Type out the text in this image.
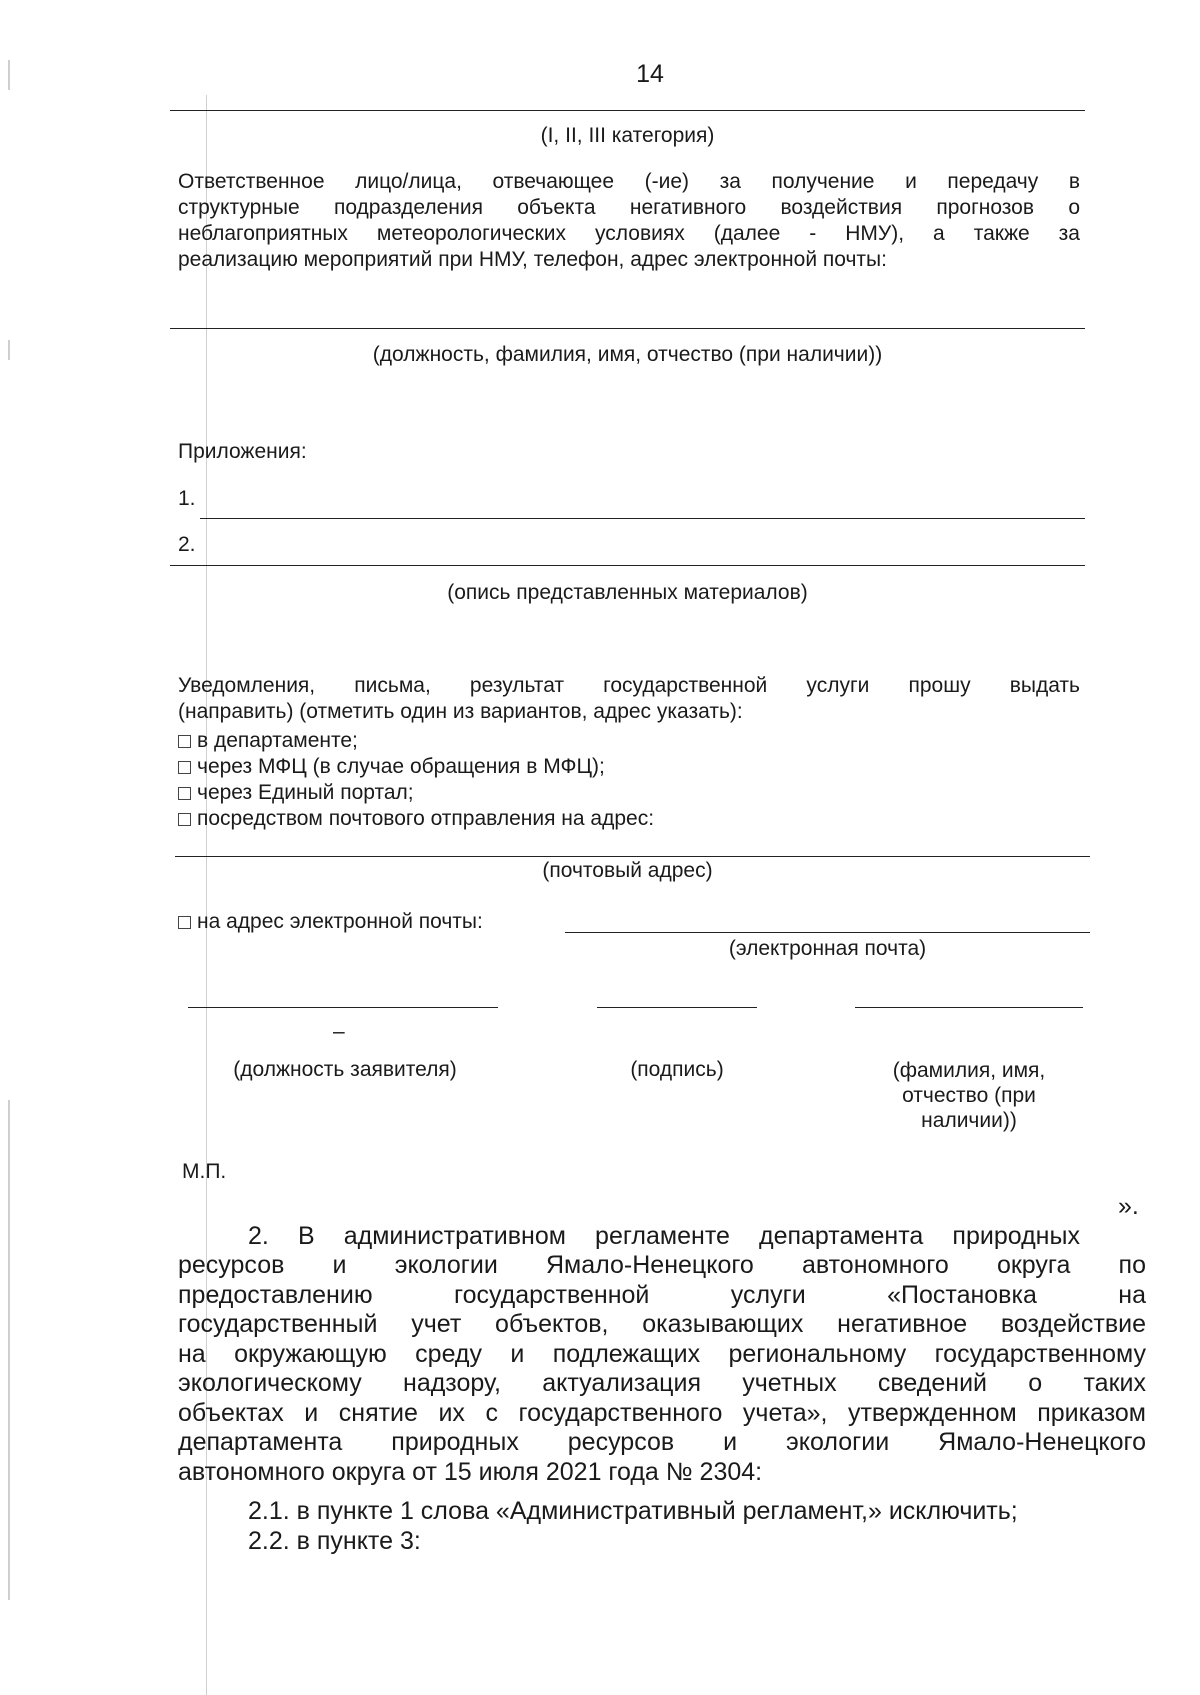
14
(I, II, III категория)
Ответственное лицо/лица, отвечающее (-ие) за получение и передачу в
структурные подразделения объекта негативного воздействия прогнозов о
неблагоприятных метеорологических условиях (далее - НМУ), а также за
реализацию мероприятий при НМУ, телефон, адрес электронной почты:
(должность, фамилия, имя, отчество (при наличии))
Приложения:
1.
2.
(опись представленных материалов)
Уведомления, письма, результат государственной услуги прошу выдать
(направить) (отметить один из вариантов, адрес указать):
в департаменте;
через МФЦ (в случае обращения в МФЦ);
через Единый портал;
посредством почтового отправления на адрес:
(почтовый адрес)
на адрес электронной почты:
(электронная почта)
–
(должность заявителя)	(подпись)	(фамилия, имя,
отчество (при
наличии))
М.П.
».
2. В административном регламенте департамента природных
ресурсов и экологии Ямало-Ненецкого автономного округа по
предоставлению государственной услуги «Постановка на
государственный учет объектов, оказывающих негативное воздействие
на окружающую среду и подлежащих региональному государственному
экологическому надзору, актуализация учетных сведений о таких
объектах и снятие их с государственного учета», утвержденном приказом
департамента природных ресурсов и экологии Ямало-Ненецкого
автономного округа от 15 июля 2021 года № 2304:
2.1. в пункте 1 слова «Административный регламент,» исключить;
2.2. в пункте 3:
